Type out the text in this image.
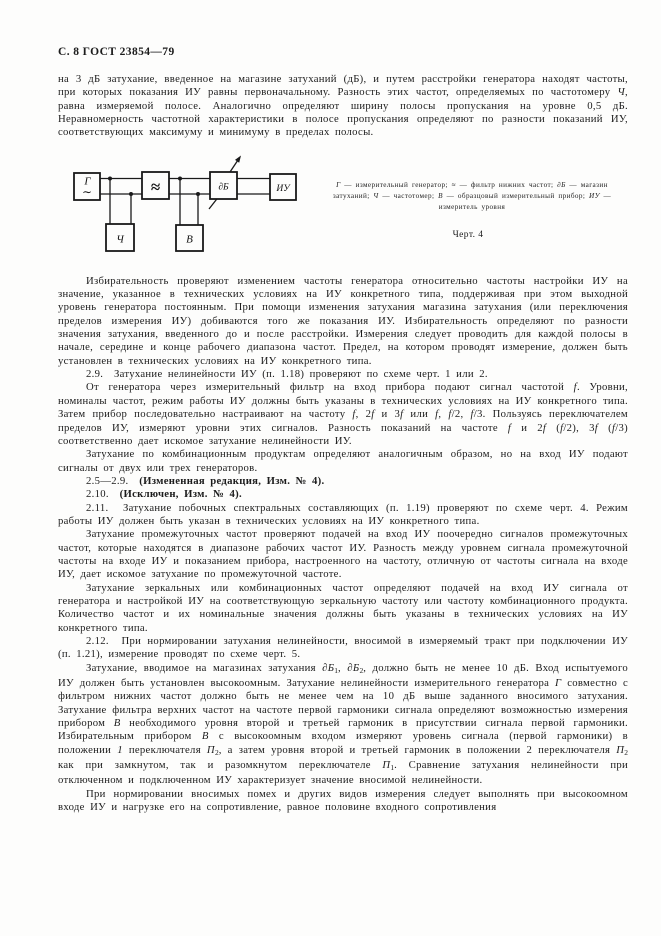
С. 8 ГОСТ 23854—79

на 3 дБ затухание, введенное на магазине затуханий (дБ), и путем расстройки генератора находят частоты, при которых показания ИУ равны первоначальному. Разность этих частот, определяемых по частотомеру Ч, равна измеряемой полосе. Аналогично определяют ширину полосы пропускания на уровне 0,5 дБ. Неравномерность частотной характеристики в полосе пропускания определяют по разности показаний ИУ, соответствующих максимуму и минимуму в пределах полосы.

Г
∼	≈	∂Б	ИУ
Ч	В

Г — измерительный генератор; ≈ — фильтр нижних частот; ∂Б — магазин затуханий; Ч — частотомер; В — образцовый измерительный прибор; ИУ — измеритель уровня

Черт. 4

Избирательность проверяют изменением частоты генератора относительно частоты настройки ИУ на значение, указанное в технических условиях на ИУ конкретного типа, поддерживая при этом выходной уровень генератора постоянным. При помощи изменения затухания магазина затухания (или переключения пределов измерения ИУ) добиваются того же показания ИУ. Избирательность определяют по разности значения затухания, введенного до и после расстройки. Измерения следует проводить для каждой полосы в начале, середине и конце рабочего диапазона частот. Предел, на котором проводят измерение, должен быть установлен в технических условиях на ИУ конкретного типа.

2.9.  Затухание нелинейности ИУ (п. 1.18) проверяют по схеме черт. 1 или 2.

От генератора через измерительный фильтр на вход прибора подают сигнал частотой f. Уровни, номиналы частот, режим работы ИУ должны быть указаны в технических условиях на ИУ конкретного типа. Затем прибор последовательно настраивают на частоту f, 2f и 3f или f, f/2, f/3. Пользуясь переключателем пределов ИУ, измеряют уровни этих сигналов. Разность показаний на частоте f и 2f (f/2), 3f (f/3) соответственно дает искомое затухание нелинейности ИУ.

Затухание по комбинационным продуктам определяют аналогичным образом, но на вход ИУ подают сигналы от двух или трех генераторов.

2.5—2.9.  (Измененная редакция, Изм. № 4).

2.10.  (Исключен, Изм. № 4).

2.11.  Затухание побочных спектральных составляющих (п. 1.19) проверяют по схеме черт. 4. Режим работы ИУ должен быть указан в технических условиях на ИУ конкретного типа.

Затухание промежуточных частот проверяют подачей на вход ИУ поочередно сигналов промежуточных частот, которые находятся в диапазоне рабочих частот ИУ. Разность между уровнем сигнала промежуточной частоты на входе ИУ и показанием прибора, настроенного на частоту, отличную от частоты сигнала на входе ИУ, дает искомое затухание по промежуточной частоте.

Затухание зеркальных или комбинационных частот определяют подачей на вход ИУ сигнала от генератора и настройкой ИУ на соответствующую зеркальную частоту или частоту комбинационного продукта. Количество частот и их номинальные значения должны быть указаны в технических условиях на ИУ конкретного типа.

2.12.  При нормировании затухания нелинейности, вносимой в измеряемый тракт при подключении ИУ (п. 1.21), измерение проводят по схеме черт. 5.

Затухание, вводимое на магазинах затухания $\partial Б_1$, $\partial Б_2$, должно быть не менее 10 дБ. Вход испытуемого ИУ должен быть установлен высокоомным. Затухание нелинейности измерительного генератора Г совместно с фильтром нижних частот должно быть не менее чем на 10 дБ выше заданного вносимого затухания. Затухание фильтра верхних частот на частоте первой гармоники сигнала определяют возможностью измерения прибором В необходимого уровня второй и третьей гармоник в присутствии сигнала первой гармоники. Избирательным прибором В с высокоомным входом измеряют уровень сигнала (первой гармоники) в положении 1 переключателя $П_2$, а затем уровня второй и третьей гармоник в положении 2 переключателя $П_2$ как при замкнутом, так и разомкнутом переключателе $П_1$. Сравнение затухания нелинейности при отключенном и подключенном ИУ характеризует значение вносимой нелинейности.

При нормировании вносимых помех и других видов измерения следует выполнять при высокоомном входе ИУ и нагрузке его на сопротивление, равное половине входного сопротивления
